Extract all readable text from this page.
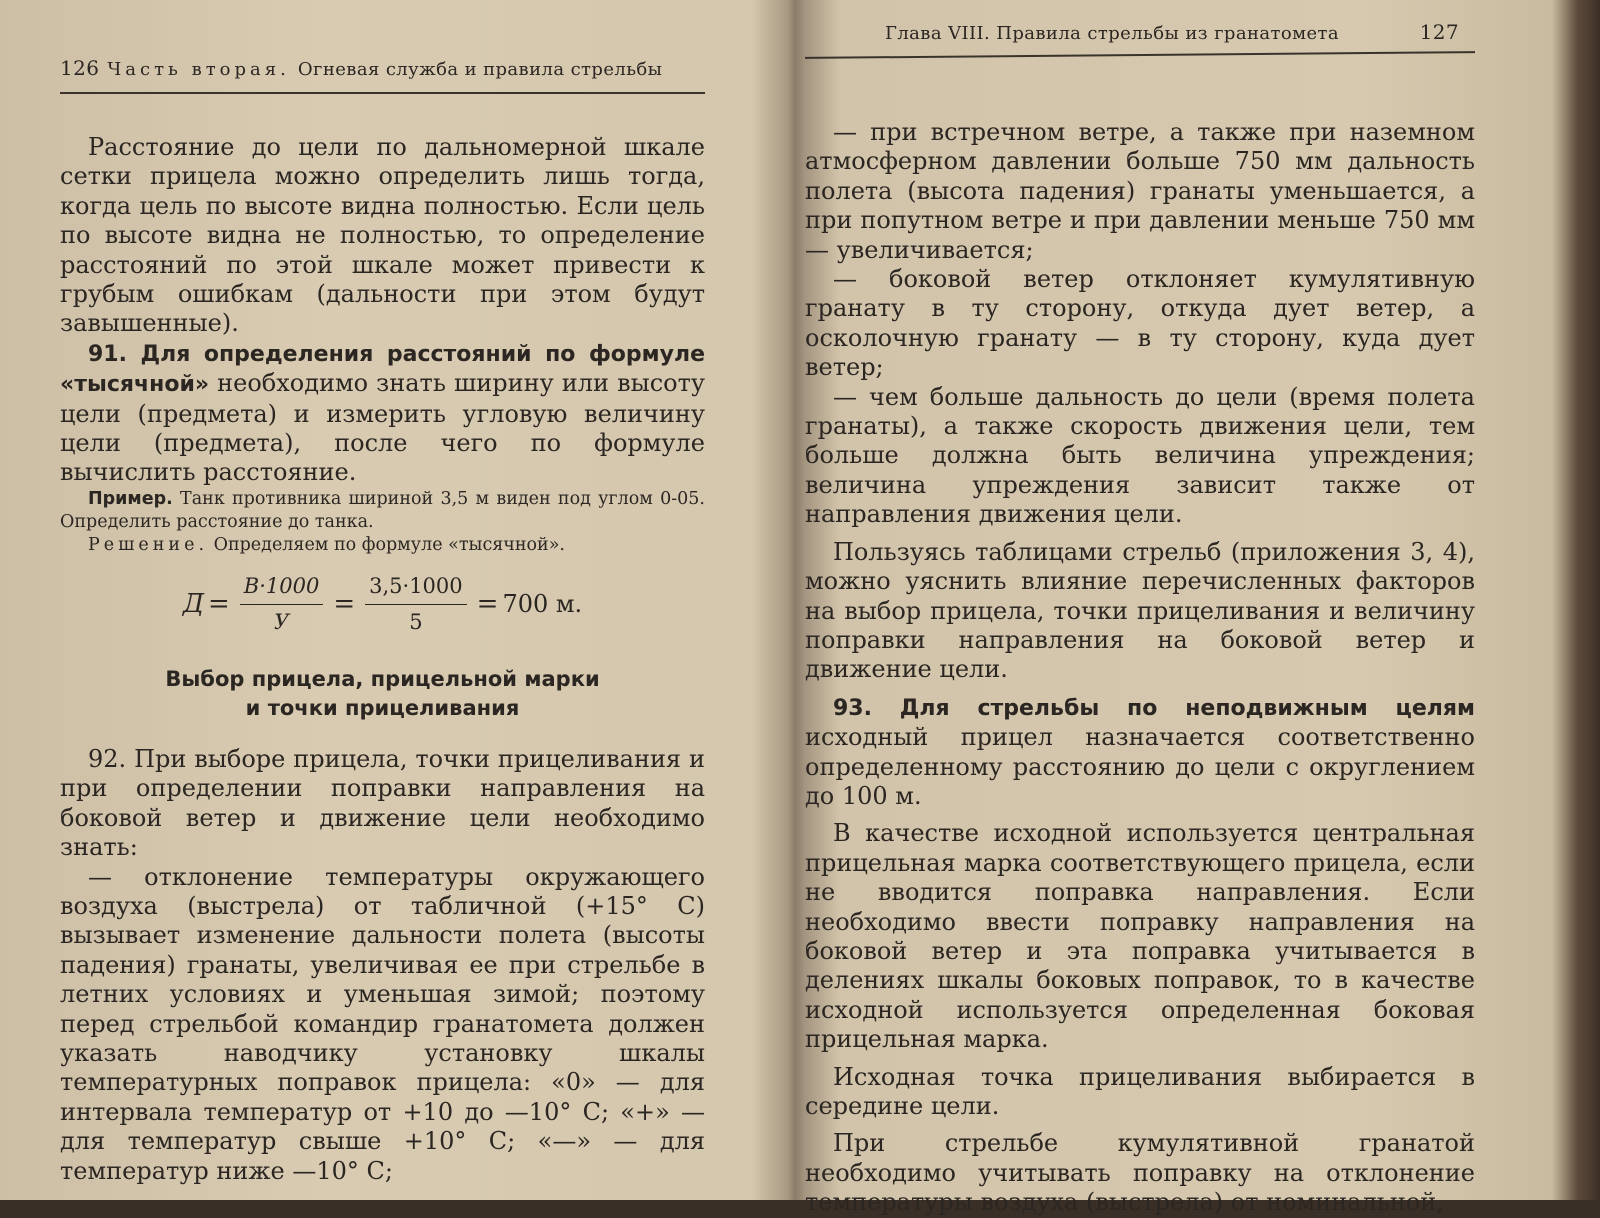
126 Часть вторая. Огневая служба и правила стрельбы

Расстояние до цели по дальномерной шкале сетки прицела можно определить лишь тогда, когда цель по высоте видна полностью. Если цель по высоте видна не полностью, то определение расстояний по этой шкале может привести к грубым ошибкам (дальности при этом будут завышенные).

91. Для определения расстояний по формуле «тысячной» необходимо знать ширину или высоту цели (предмета) и измерить угловую величину цели (предмета), после чего по формуле вычислить расстояние.

Пример. Танк противника шириной 3,5 м виден под углом 0-05. Определить расстояние до танка.

Решение. Определяем по формуле «тысячной».

$Д = \frac{В\cdot 1000}{У} = \frac{3,5\cdot 1000}{5} = 700$ м.
Выбор прицела, прицельной марки
и точки прицеливания

92. При выборе прицела, точки прицеливания и при определении поправки направления на боковой ветер и движение цели необходимо знать:

— отклонение температуры окружающего воздуха (выстрела) от табличной (+15° С) вызывает изменение дальности полета (высоты падения) гранаты, увеличивая ее при стрельбе в летних условиях и уменьшая зимой; поэтому перед стрельбой командир гранатомета должен указать наводчику установку шкалы температурных поправок прицела: «0» — для интервала температур от +10 до —10° С; «+» — для температур свыше +10° С; «—» — для температур ниже —10° С;

Глава VIII. Правила стрельбы из гранатомета	127

— при встречном ветре, а также при наземном атмосферном давлении больше 750 мм дальность полета (высота падения) гранаты уменьшается, а при попутном ветре и при давлении меньше 750 мм — увеличивается;

— боковой ветер отклоняет кумулятивную гранату в ту сторону, откуда дует ветер, а осколочную гранату — в ту сторону, куда дует ветер;

— чем больше дальность до цели (время полета гранаты), а также скорость движения цели, тем больше должна быть величина упреждения; величина упреждения зависит также от направления движения цели.

Пользуясь таблицами стрельб (приложения 3, 4), можно уяснить влияние перечисленных факторов на выбор прицела, точки прицеливания и величину поправки направления на боковой ветер и движение цели.

93. Для стрельбы по неподвижным целям исходный прицел назначается соответственно определенному расстоянию до цели с округлением до 100 м.

В качестве исходной используется центральная прицельная марка соответствующего прицела, если не вводится поправка направления. Если необходимо ввести поправку направления на боковой ветер и эта поправка учитывается в делениях шкалы боковых поправок, то в качестве исходной используется определенная боковая прицельная марка.

Исходная точка прицеливания выбирается в середине цели.

При стрельбе кумулятивной гранатой необходимо учитывать поправку на отклонение температуры воздуха (выстрела) от номинальной,
